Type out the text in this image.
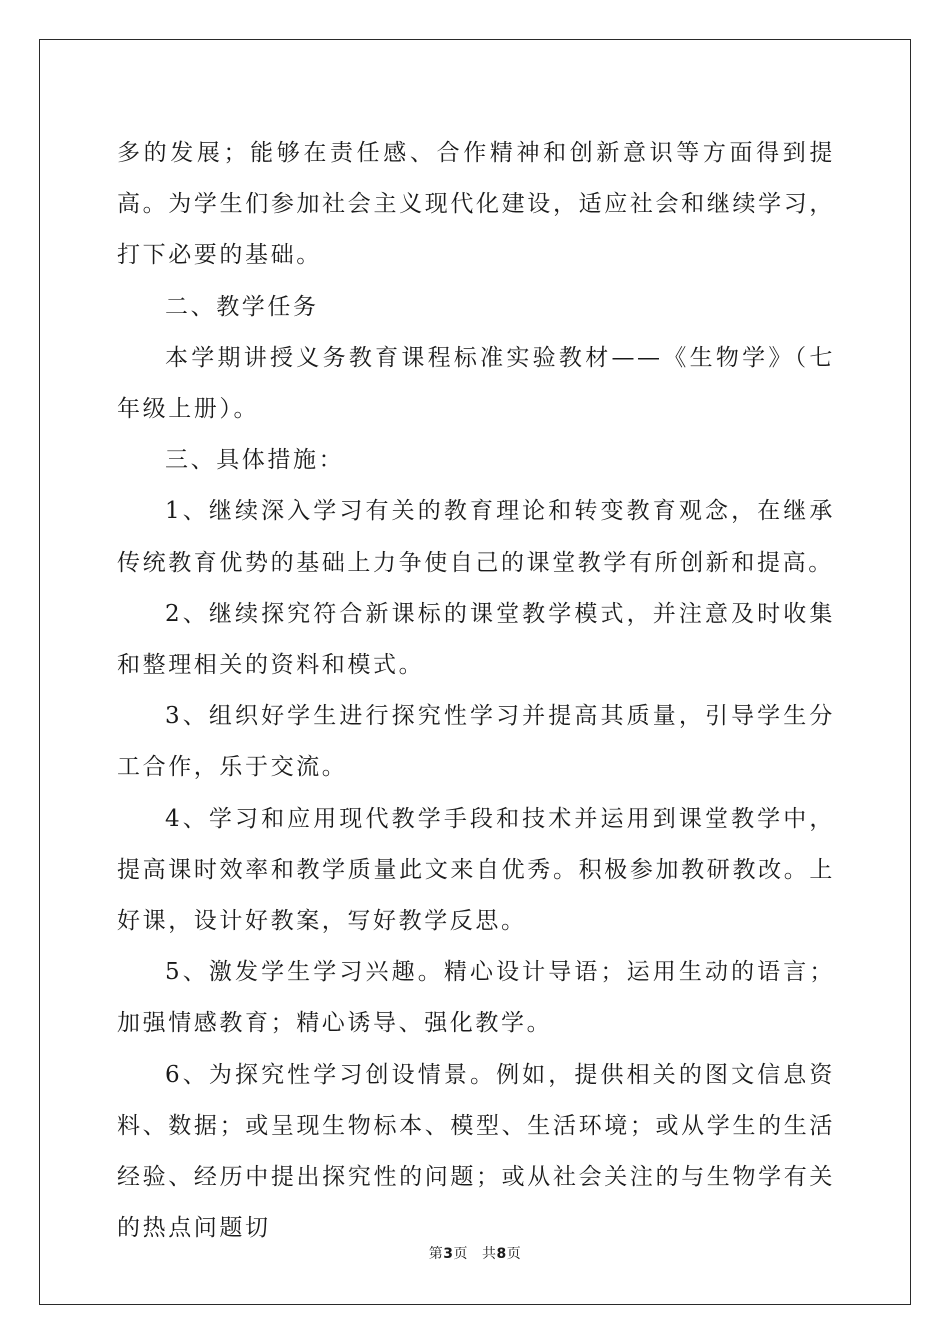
多的发展；能够在责任感、合作精神和创新意识等方面得到提高。为学生们参加社会主义现代化建设，适应社会和继续学习，打下必要的基础。

二、教学任务

本学期讲授义务教育课程标准实验教材——《生物学》（七年级上册）。

三、具体措施：

1、继续深入学习有关的教育理论和转变教育观念，在继承传统教育优势的基础上力争使自己的课堂教学有所创新和提高。

2、继续探究符合新课标的课堂教学模式，并注意及时收集和整理相关的资料和模式。

3、组织好学生进行探究性学习并提高其质量，引导学生分工合作，乐于交流。

4、学习和应用现代教学手段和技术并运用到课堂教学中，提高课时效率和教学质量此文来自优秀。积极参加教研教改。上好课，设计好教案，写好教学反思。

5、激发学生学习兴趣。精心设计导语；运用生动的语言；加强情感教育；精心诱导、强化教学。

6、为探究性学习创设情景。例如，提供相关的图文信息资料、数据；或呈现生物标本、模型、生活环境；或从学生的生活经验、经历中提出探究性的问题；或从社会关注的与生物学有关的热点问题切

第3页 共8页
